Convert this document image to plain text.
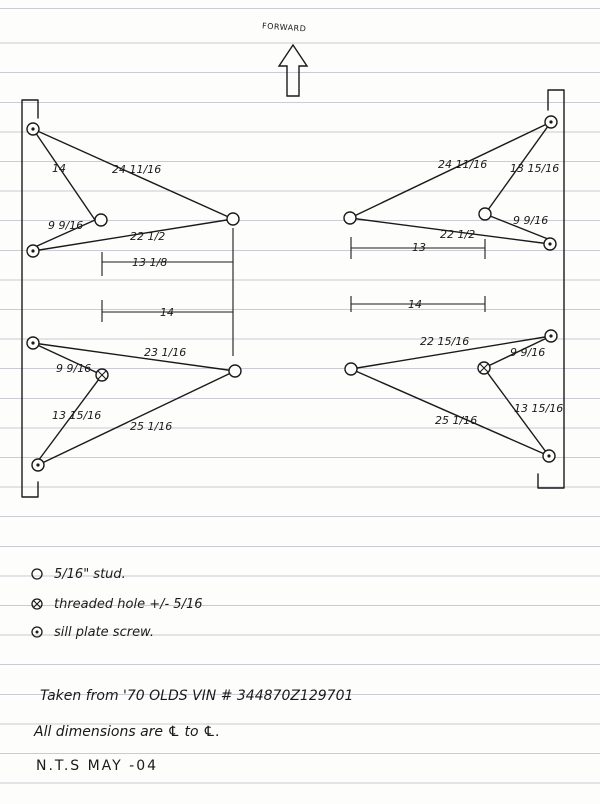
FORWARD
24 11/16
14
9 9/16
22 1/2
13 1/8
14
23 1/16
9 9/16
13 15/16
25 1/16
24 11/16 13 15/16
9 9/16
22 1/2
13
14
22 15/16
9 9/16
13 15/16
25 1/16
5/16" stud.
threaded hole +/- 5/16
sill plate screw.
Taken from '70 OLDS VIN # 344870Z129701
All dimensions are ℄ to ℄.
N.T.S MAY -04
